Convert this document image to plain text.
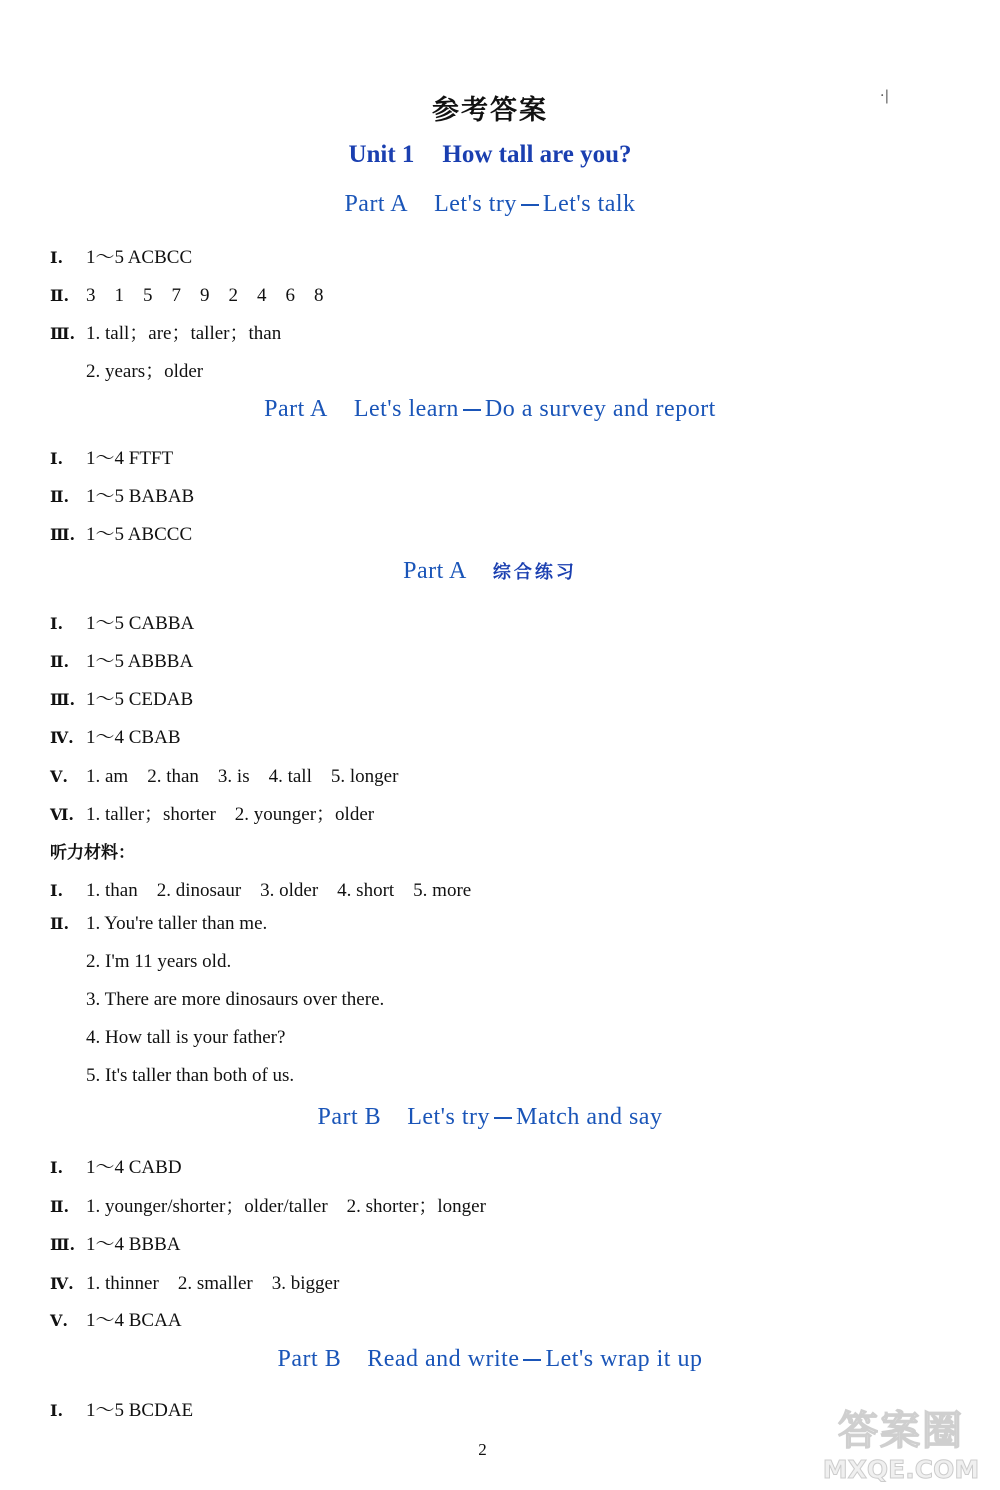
参考答案	·|
Unit 1 How tall are you?
Part A Let's try Let's talk
Ⅰ. 1～5 ACBCC
Ⅱ. 3　1　5　7　9　2　4　6　8
Ⅲ. 1. tall；are；taller；than
2. years；older
Part A Let's learn Do a survey and report
Ⅰ. 1～4 FTFT
Ⅱ. 1～5 BABAB
Ⅲ. 1～5 ABCCC
Part A 综合练习
Ⅰ. 1～5 CABBA
Ⅱ. 1～5 ABBBA
Ⅲ. 1～5 CEDAB
Ⅳ. 1～4 CBAB
Ⅴ. 1. am　2. than　3. is　4. tall　5. longer
Ⅵ. 1. taller；shorter　2. younger；older
听力材料：
Ⅰ. 1. than　2. dinosaur　3. older　4. short　5. more
Ⅱ. 1. You're taller than me.
2. I'm 11 years old.
3. There are more dinosaurs over there.
4. How tall is your father?
5. It's taller than both of us.
Part B Let's try Match and say
Ⅰ. 1～4 CABD
Ⅱ. 1. younger/shorter；older/taller　2. shorter；longer
Ⅲ. 1～4 BBBA
Ⅳ. 1. thinner　2. smaller　3. bigger
Ⅴ. 1～4 BCAA
Part B Read and write Let's wrap it up
Ⅰ. 1～5 BCDAE
2	答案圈
MXQE.COM
